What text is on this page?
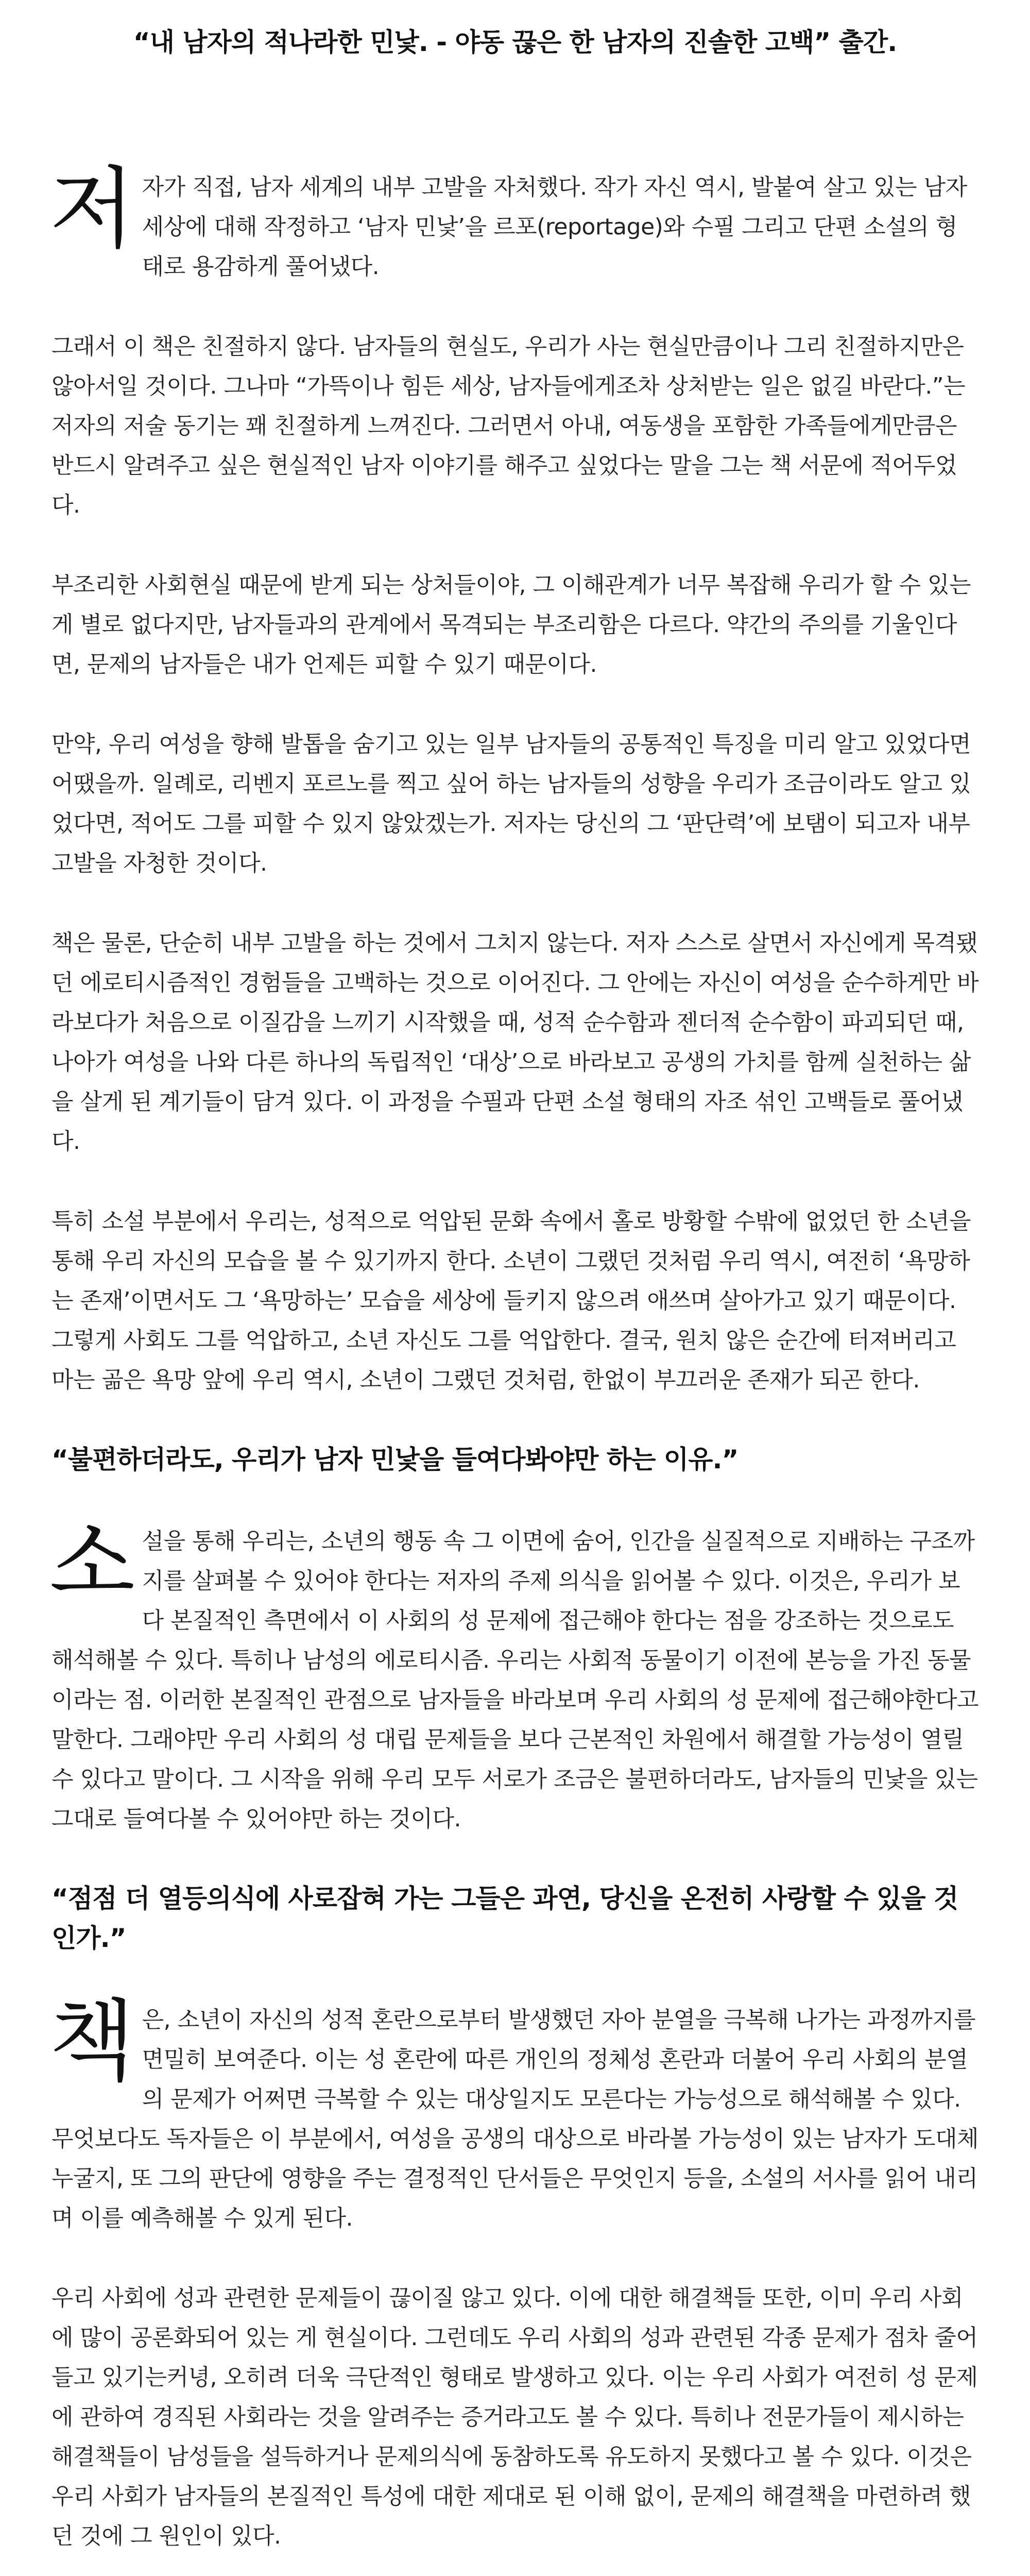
“내 남자의 적나라한 민낯. - 야동 끊은 한 남자의 진솔한 고백” 출간.

저자가 직접, 남자 세계의 내부 고발을 자처했다. 작가 자신 역시, 발붙여 살고 있는 남자 세상에 대해 작정하고 ‘남자 민낯’을 르포(reportage)와 수필 그리고 단편 소설의 형태로 용감하게 풀어냈다.

그래서 이 책은 친절하지 않다. 남자들의 현실도, 우리가 사는 현실만큼이나 그리 친절하지만은 않아서일 것이다. 그나마 “가뜩이나 힘든 세상, 남자들에게조차 상처받는 일은 없길 바란다.”는 저자의 저술 동기는 꽤 친절하게 느껴진다. 그러면서 아내, 여동생을 포함한 가족들에게만큼은 반드시 알려주고 싶은 현실적인 남자 이야기를 해주고 싶었다는 말을 그는 책 서문에 적어두었다.

부조리한 사회현실 때문에 받게 되는 상처들이야, 그 이해관계가 너무 복잡해 우리가 할 수 있는 게 별로 없다지만, 남자들과의 관계에서 목격되는 부조리함은 다르다. 약간의 주의를 기울인다면, 문제의 남자들은 내가 언제든 피할 수 있기 때문이다.

만약, 우리 여성을 향해 발톱을 숨기고 있는 일부 남자들의 공통적인 특징을 미리 알고 있었다면 어땠을까. 일례로, 리벤지 포르노를 찍고 싶어 하는 남자들의 성향을 우리가 조금이라도 알고 있었다면, 적어도 그를 피할 수 있지 않았겠는가. 저자는 당신의 그 ‘판단력’에 보탬이 되고자 내부 고발을 자청한 것이다.

책은 물론, 단순히 내부 고발을 하는 것에서 그치지 않는다. 저자 스스로 살면서 자신에게 목격됐던 에로티시즘적인 경험들을 고백하는 것으로 이어진다. 그 안에는 자신이 여성을 순수하게만 바라보다가 처음으로 이질감을 느끼기 시작했을 때, 성적 순수함과 젠더적 순수함이 파괴되던 때, 나아가 여성을 나와 다른 하나의 독립적인 ‘대상’으로 바라보고 공생의 가치를 함께 실천하는 삶을 살게 된 계기들이 담겨 있다. 이 과정을 수필과 단편 소설 형태의 자조 섞인 고백들로 풀어냈다.

특히 소설 부분에서 우리는, 성적으로 억압된 문화 속에서 홀로 방황할 수밖에 없었던 한 소년을 통해 우리 자신의 모습을 볼 수 있기까지 한다. 소년이 그랬던 것처럼 우리 역시, 여전히 ‘욕망하는 존재’이면서도 그 ‘욕망하는’ 모습을 세상에 들키지 않으려 애쓰며 살아가고 있기 때문이다. 그렇게 사회도 그를 억압하고, 소년 자신도 그를 억압한다. 결국, 원치 않은 순간에 터져버리고 마는 곪은 욕망 앞에 우리 역시, 소년이 그랬던 것처럼, 한없이 부끄러운 존재가 되곤 한다.

“불편하더라도, 우리가 남자 민낯을 들여다봐야만 하는 이유.”

소설을 통해 우리는, 소년의 행동 속 그 이면에 숨어, 인간을 실질적으로 지배하는 구조까지를 살펴볼 수 있어야 한다는 저자의 주제 의식을 읽어볼 수 있다. 이것은, 우리가 보다 본질적인 측면에서 이 사회의 성 문제에 접근해야 한다는 점을 강조하는 것으로도 해석해볼 수 있다. 특히나 남성의 에로티시즘. 우리는 사회적 동물이기 이전에 본능을 가진 동물이라는 점. 이러한 본질적인 관점으로 남자들을 바라보며 우리 사회의 성 문제에 접근해야한다고 말한다. 그래야만 우리 사회의 성 대립 문제들을 보다 근본적인 차원에서 해결할 가능성이 열릴 수 있다고 말이다. 그 시작을 위해 우리 모두 서로가 조금은 불편하더라도, 남자들의 민낯을 있는 그대로 들여다볼 수 있어야만 하는 것이다.

“점점 더 열등의식에 사로잡혀 가는 그들은 과연, 당신을 온전히 사랑할 수 있을 것인가.”

책은, 소년이 자신의 성적 혼란으로부터 발생했던 자아 분열을 극복해 나가는 과정까지를 면밀히 보여준다. 이는 성 혼란에 따른 개인의 정체성 혼란과 더불어 우리 사회의 분열의 문제가 어쩌면 극복할 수 있는 대상일지도 모른다는 가능성으로 해석해볼 수 있다. 무엇보다도 독자들은 이 부분에서, 여성을 공생의 대상으로 바라볼 가능성이 있는 남자가 도대체 누굴지, 또 그의 판단에 영향을 주는 결정적인 단서들은 무엇인지 등을, 소설의 서사를 읽어 내리며 이를 예측해볼 수 있게 된다.

우리 사회에 성과 관련한 문제들이 끊이질 않고 있다. 이에 대한 해결책들 또한, 이미 우리 사회에 많이 공론화되어 있는 게 현실이다. 그런데도 우리 사회의 성과 관련된 각종 문제가 점차 줄어들고 있기는커녕, 오히려 더욱 극단적인 형태로 발생하고 있다. 이는 우리 사회가 여전히 성 문제에 관하여 경직된 사회라는 것을 알려주는 증거라고도 볼 수 있다. 특히나 전문가들이 제시하는 해결책들이 남성들을 설득하거나 문제의식에 동참하도록 유도하지 못했다고 볼 수 있다. 이것은 우리 사회가 남자들의 본질적인 특성에 대한 제대로 된 이해 없이, 문제의 해결책을 마련하려 했던 것에 그 원인이 있다.
